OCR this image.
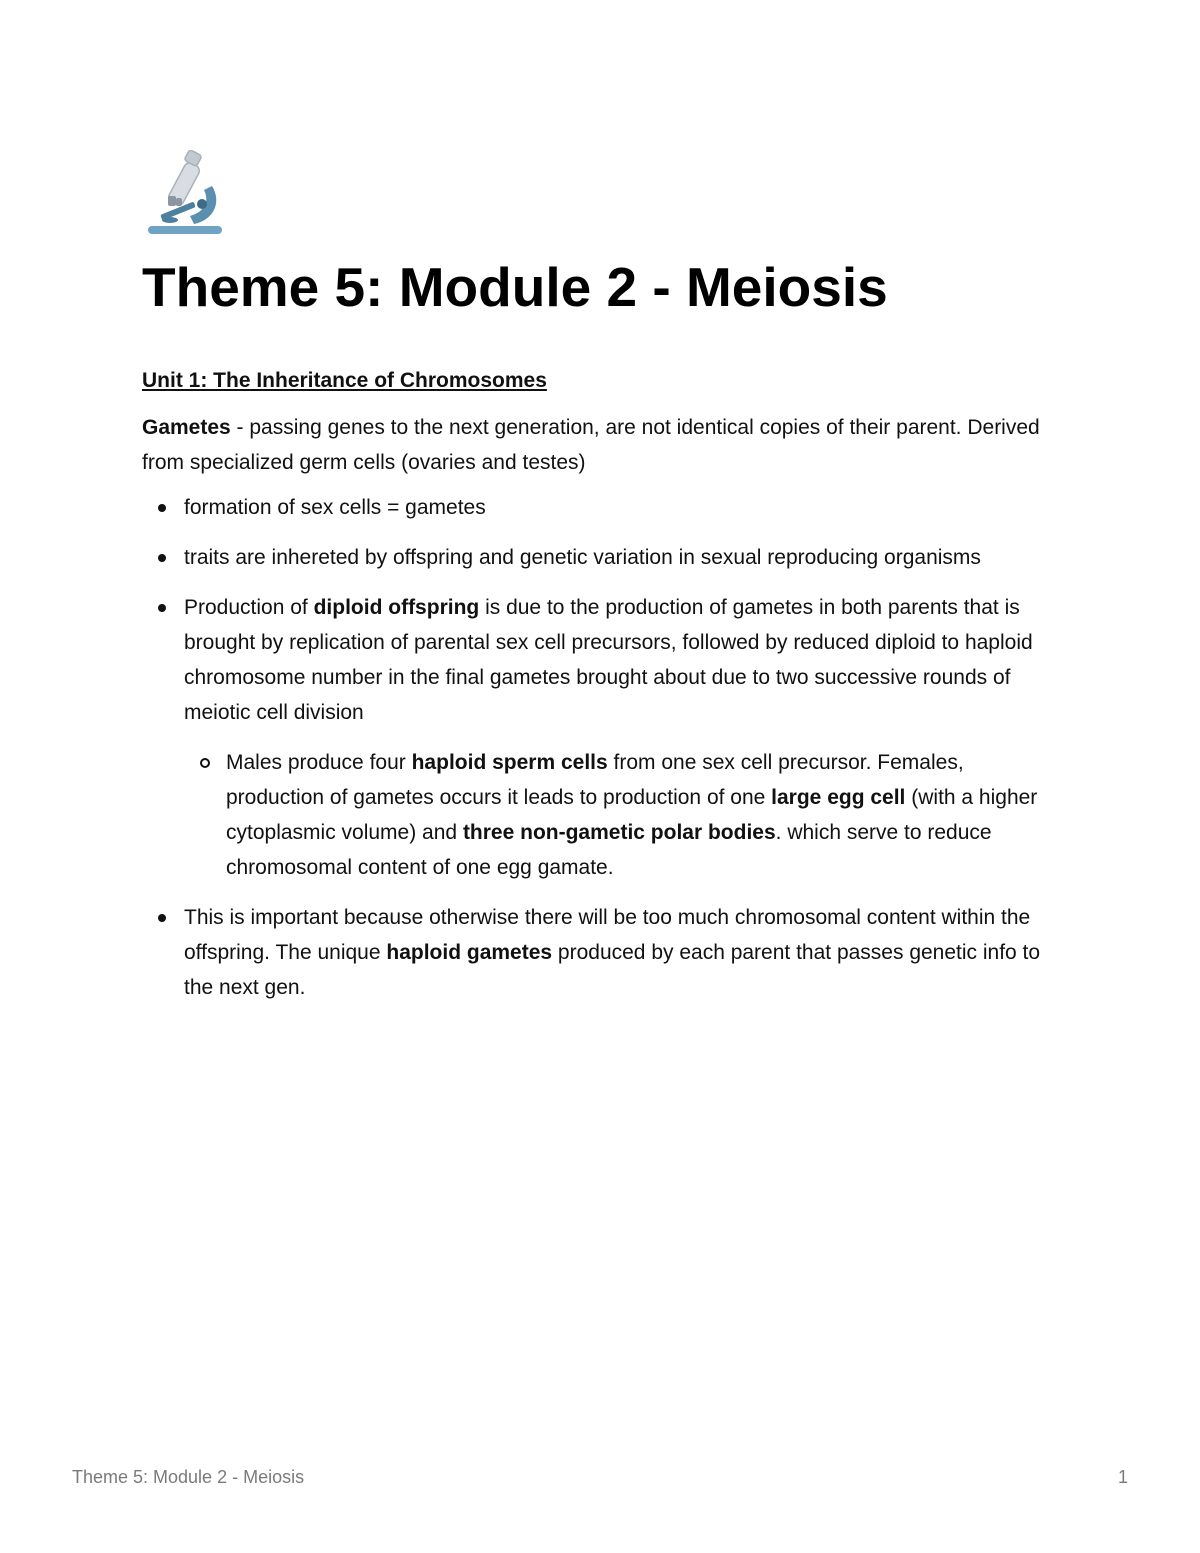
Theme 5: Module 2 - Meiosis

Unit 1: The Inheritance of Chromosomes

Gametes - passing genes to the next generation, are not identical copies of their parent. Derived from specialized germ cells (ovaries and testes)

formation of sex cells = gametes
traits are inhereted by offspring and genetic variation in sexual reproducing organisms
Production of diploid offspring is due to the production of gametes in both parents that is brought by replication of parental sex cell precursors, followed by reduced diploid to haploid chromosome number in the final gametes brought about due to two successive rounds of meiotic cell division
Males produce four haploid sperm cells from one sex cell precursor. Females, production of gametes occurs it leads to production of one large egg cell (with a higher cytoplasmic volume) and three non-gametic polar bodies. which serve to reduce chromosomal content of one egg gamate.
This is important because otherwise there will be too much chromosomal content within the offspring. The unique haploid gametes produced by each parent that passes genetic info to the next gen.
Theme 5: Module 2 - Meiosis	1
